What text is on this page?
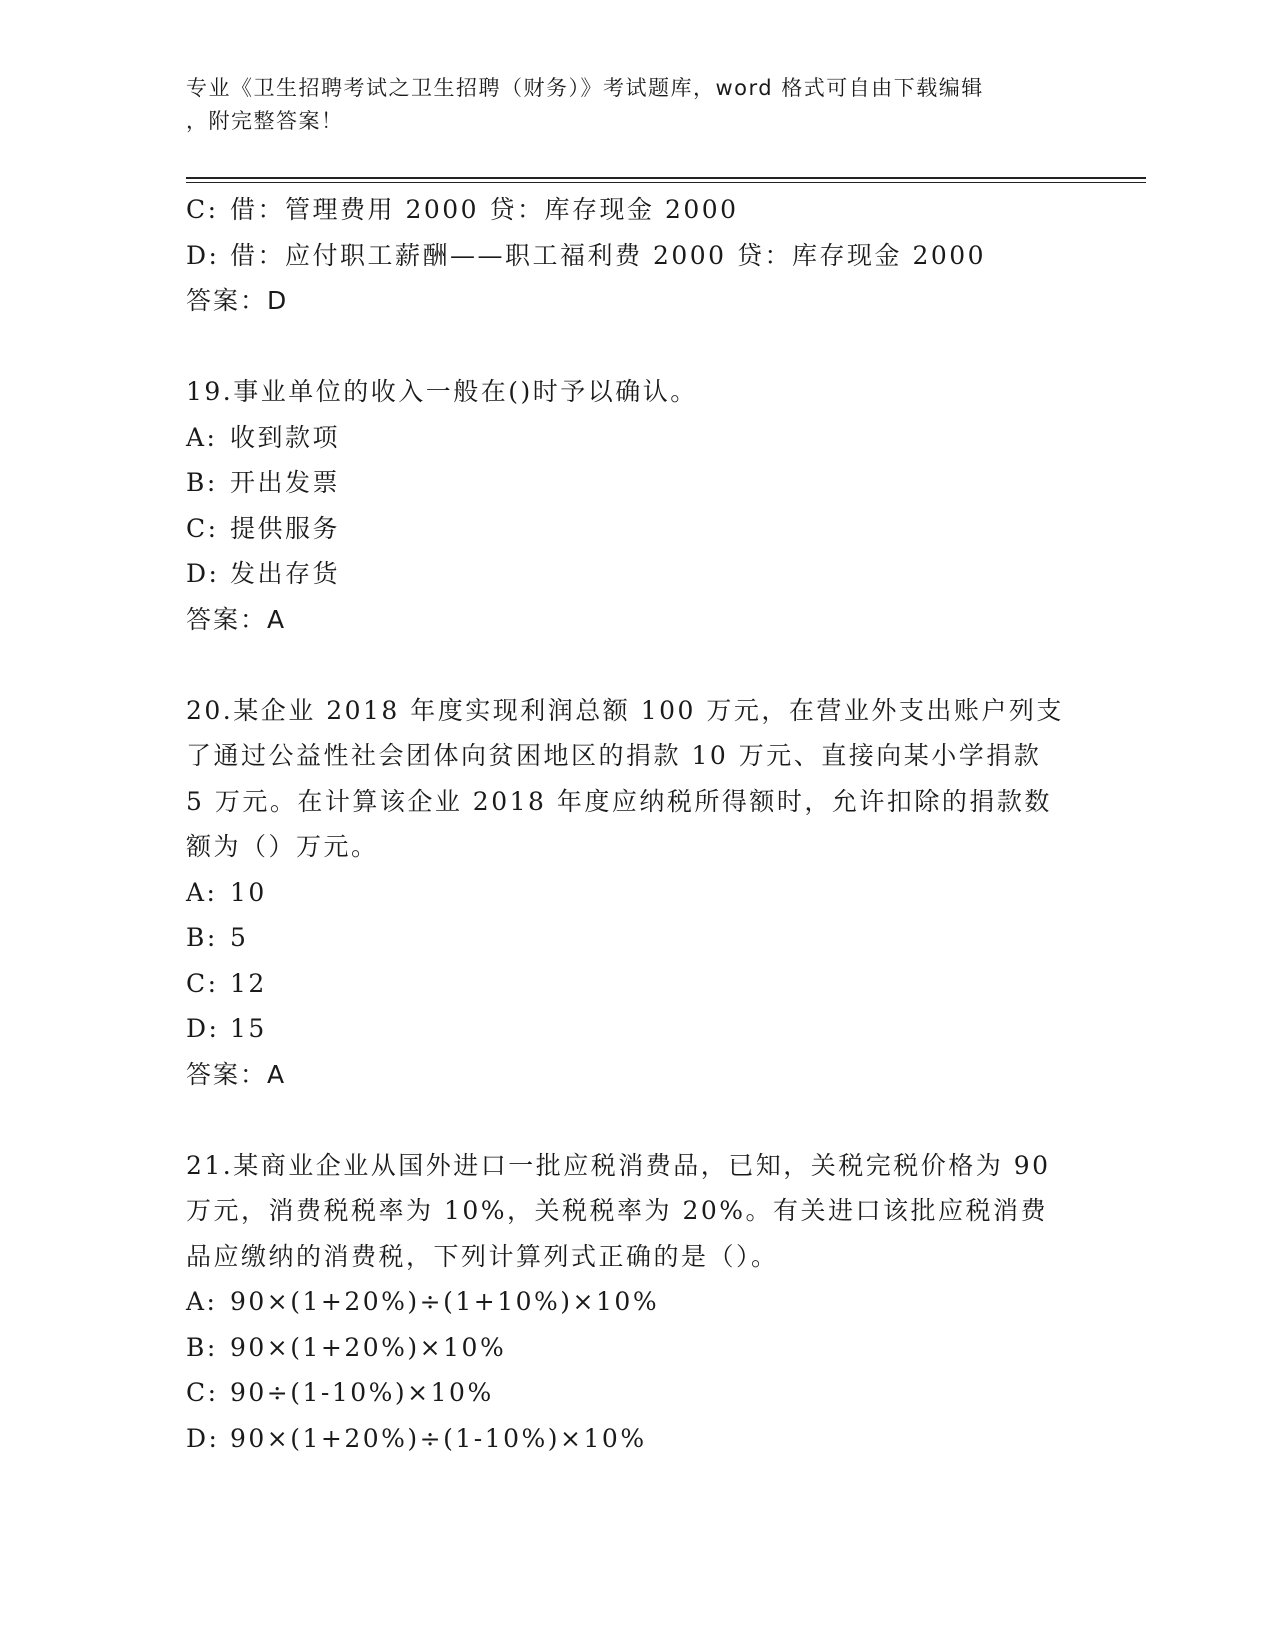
专业《卫生招聘考试之卫生招聘（财务）》考试题库，word 格式可自由下载编辑
，附完整答案！
C: 借：管理费用 2000 贷：库存现金 2000
D: 借：应付职工薪酬——职工福利费 2000 贷：库存现金 2000
答案：D
19.事业单位的收入一般在()时予以确认。
A: 收到款项
B: 开出发票
C: 提供服务
D: 发出存货
答案：A
20.某企业 2018 年度实现利润总额 100 万元，在营业外支出账户列支
了通过公益性社会团体向贫困地区的捐款 10 万元、直接向某小学捐款
5 万元。在计算该企业 2018 年度应纳税所得额时，允许扣除的捐款数
额为（）万元。
A: 10
B: 5
C: 12
D: 15
答案：A
21.某商业企业从国外进口一批应税消费品，已知，关税完税价格为 90
万元，消费税税率为 10%，关税税率为 20%。有关进口该批应税消费
品应缴纳的消费税，下列计算列式正确的是（）。
A: 90×(1+20%)÷(1+10%)×10%
B: 90×(1+20%)×10%
C: 90÷(1-10%)×10%
D: 90×(1+20%)÷(1-10%)×10%
